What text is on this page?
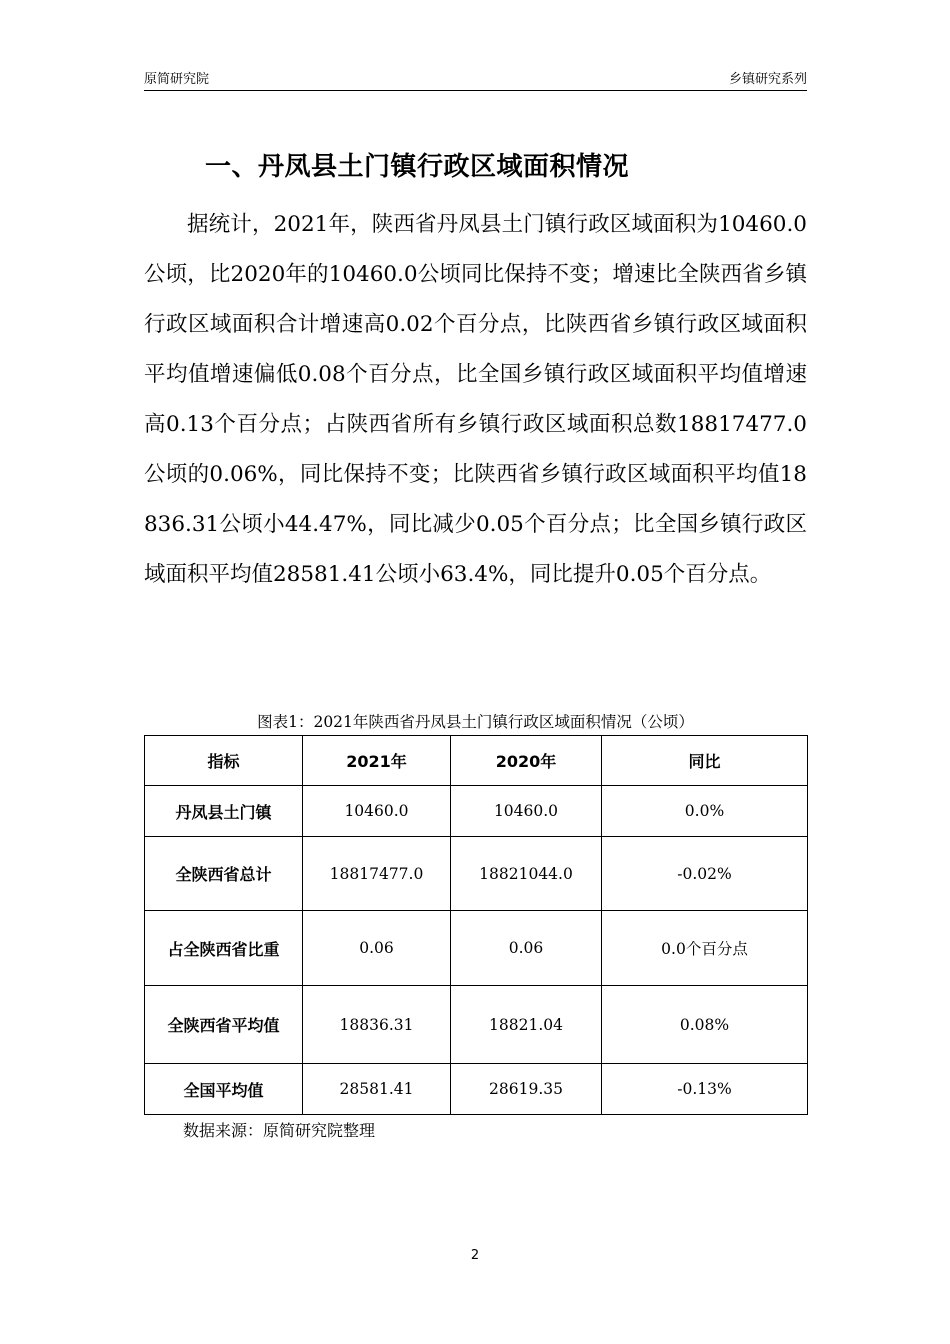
原简研究院	乡镇研究系列
一、丹凤县土门镇行政区域面积情况
据统计，2021年，陕西省丹凤县土门镇行政区域面积为10460.0公顷，比2020年的10460.0公顷同比保持不变；增速比全陕西省乡镇行政区域面积合计增速高0.02个百分点，比陕西省乡镇行政区域面积平均值增速偏低0.08个百分点，比全国乡镇行政区域面积平均值增速高0.13个百分点；占陕西省所有乡镇行政区域面积总数18817477.0公顷的0.06%，同比保持不变；比陕西省乡镇行政区域面积平均值18836.31公顷小44.47%，同比减少0.05个百分点；比全国乡镇行政区域面积平均值28581.41公顷小63.4%，同比提升0.05个百分点。
图表1：2021年陕西省丹凤县土门镇行政区域面积情况（公顷）
指标	2021年	2020年	同比
丹凤县土门镇	10460.0	10460.0	0.0%
全陕西省总计	18817477.0	18821044.0	-0.02%
占全陕西省比重	0.06	0.06	0.0个百分点
全陕西省平均值	18836.31	18821.04	0.08%
全国平均值	28581.41	28619.35	-0.13%
数据来源：原简研究院整理
2
